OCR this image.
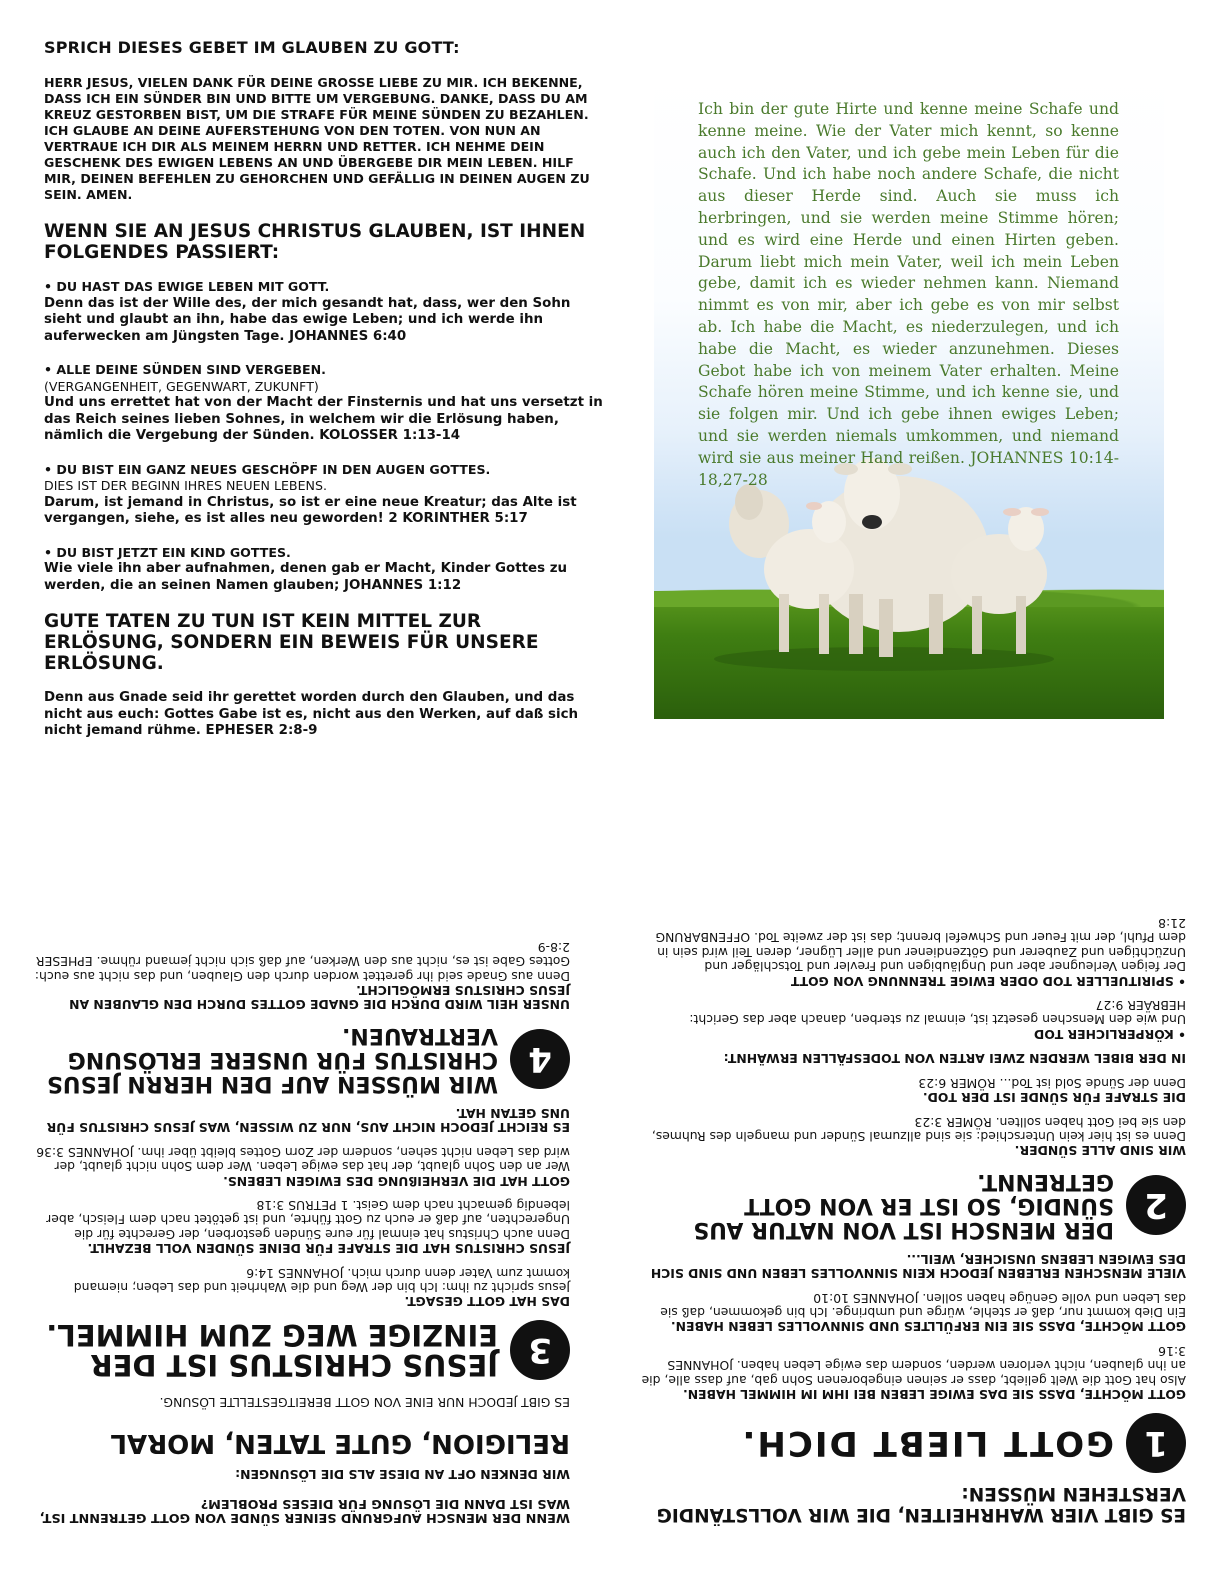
SPRICH DIESES GEBET IM GLAUBEN ZU GOTT:
HERR JESUS, VIELEN DANK FÜR DEINE GROSSE LIEBE ZU MIR. ICH BEKENNE, DASS ICH EIN SÜNDER BIN UND BITTE UM VERGEBUNG. DANKE, DASS DU AM KREUZ GESTORBEN BIST, UM DIE STRAFE FÜR MEINE SÜNDEN ZU BEZAHLEN. ICH GLAUBE AN DEINE AUFERSTEHUNG VON DEN TOTEN. VON NUN AN VERTRAUE ICH DIR ALS MEINEM HERRN UND RETTER. ICH NEHME DEIN GESCHENK DES EWIGEN LEBENS AN UND ÜBERGEBE DIR MEIN LEBEN. HILF MIR, DEINEN BEFEHLEN ZU GEHORCHEN UND GEFÄLLIG IN DEINEN AUGEN ZU SEIN. AMEN.
WENN SIE AN JESUS CHRISTUS GLAUBEN, IST IHNEN FOLGENDES PASSIERT:
• DU HAST DAS EWIGE LEBEN MIT GOTT.
Denn das ist der Wille des, der mich gesandt hat, dass, wer den Sohn sieht und glaubt an ihn, habe das ewige Leben; und ich werde ihn auferwecken am Jüngsten Tage. JOHANNES 6:40
• ALLE DEINE SÜNDEN SIND VERGEBEN.
(VERGANGENHEIT, GEGENWART, ZUKUNFT)
Und uns errettet hat von der Macht der Finsternis und hat uns versetzt in das Reich seines lieben Sohnes, in welchem wir die Erlösung haben, nämlich die Vergebung der Sünden. KOLOSSER 1:13-14
• DU BIST EIN GANZ NEUES GESCHÖPF IN DEN AUGEN GOTTES.
DIES IST DER BEGINN IHRES NEUEN LEBENS.
Darum, ist jemand in Christus, so ist er eine neue Kreatur; das Alte ist vergangen, siehe, es ist alles neu geworden! 2 KORINTHER 5:17
• DU BIST JETZT EIN KIND GOTTES.
Wie viele ihn aber aufnahmen, denen gab er Macht, Kinder Gottes zu werden, die an seinen Namen glauben; JOHANNES 1:12
GUTE TATEN ZU TUN IST KEIN MITTEL ZUR ERLÖSUNG, SONDERN EIN BEWEIS FÜR UNSERE ERLÖSUNG.
Denn aus Gnade seid ihr gerettet worden durch den Glauben, und das nicht aus euch: Gottes Gabe ist es, nicht aus den Werken, auf daß sich nicht jemand rühme. EPHESER 2:8-9
Ich bin der gute Hirte und kenne meine Schafe und kenne meine. Wie der Vater mich kennt, so kenne auch ich den Vater, und ich gebe mein Leben für die Schafe. Und ich habe noch andere Schafe, die nicht aus dieser Herde sind. Auch sie muss ich herbringen, und sie werden meine Stimme hören; und es wird eine Herde und einen Hirten geben. Darum liebt mich mein Vater, weil ich mein Leben gebe, damit ich es wieder nehmen kann. Niemand nimmt es von mir, aber ich gebe es von mir selbst ab. Ich habe die Macht, es niederzulegen, und ich habe die Macht, es wieder anzunehmen. Dieses Gebot habe ich von meinem Vater erhalten. Meine Schafe hören meine Stimme, und ich kenne sie, und sie folgen mir. Und ich gebe ihnen ewiges Leben; und sie werden niemals umkommen, und niemand wird sie aus meiner Hand reißen. JOHANNES 10:14-18,27-28
WENN DER MENSCH AUFGRUND SEINER SÜNDE VON GOTT GETRENNT IST, WAS IST DANN DIE LÖSUNG FÜR DIESES PROBLEM?
WIR DENKEN OFT AN DIESE ALS DIE LÖSUNGEN:
RELIGION, GUTE TATEN, MORAL
ES GIBT JEDOCH NUR EINE VON GOTT BEREITGESTELLTE LÖSUNG.
3
JESUS CHRISTUS IST DER EINZIGE WEG ZUM HIMMEL.
DAS HAT GOTT GESAGT.
Jesus spricht zu ihm: Ich bin der Weg und die Wahrheit und das Leben; niemand kommt zum Vater denn durch mich. JOHANNES 14:6
JESUS CHRISTUS HAT DIE STRAFE FÜR DEINE SÜNDEN VOLL BEZAHLT.
Denn auch Christus hat einmal für eure Sünden gestorben, der Gerechte für die Ungerechten, auf daß er euch zu Gott führte, und ist getötet nach dem Fleisch, aber lebendig gemacht nach dem Geist. 1 PETRUS 3:18
GOTT HAT DIE VERHEIßUNG DES EWIGEN LEBENS.
Wer an den Sohn glaubt, der hat das ewige Leben. Wer dem Sohn nicht glaubt, der wird das Leben nicht sehen, sondern der Zorn Gottes bleibt über ihm. JOHANNES 3:36
ES REICHT JEDOCH NICHT AUS, NUR ZU WISSEN, WAS JESUS CHRISTUS FÜR UNS GETAN HAT.
4
WIR MÜSSEN AUF DEN HERRN JESUS CHRISTUS FÜR UNSERE ERLÖSUNG VERTRAUEN.
UNSER HEIL WIRD DURCH DIE GNADE GOTTES DURCH DEN GLAUBEN AN JESUS CHRISTUS ERMÖGLICHT.
Denn aus Gnade seid ihr gerettet worden durch den Glauben, und das nicht aus euch: Gottes Gabe ist es, nicht aus den Werken, auf daß sich nicht jemand rühme. EPHESER 2:8-9
ES GIBT VIER WAHRHEITEN, DIE WIR VOLLSTÄNDIG VERSTEHEN MÜSSEN:
1
GOTT LIEBT DICH.
GOTT MÖCHTE, DASS SIE DAS EWIGE LEBEN BEI IHM IM HIMMEL HABEN.
Also hat Gott die Welt geliebt, dass er seinen eingeborenen Sohn gab, auf dass alle, die an ihn glauben, nicht verloren werden, sondern das ewige Leben haben. JOHANNES 3:16
GOTT MÖCHTE, DASS SIE EIN ERFÜLLTES UND SINNVOLLES LEBEN HABEN.
Ein Dieb kommt nur, daß er stehle, würge und umbringe. Ich bin gekommen, daß sie das Leben und volle Genüge haben sollen. JOHANNES 10:10
VIELE MENSCHEN ERLEBEN JEDOCH KEIN SINNVOLLES LEBEN UND SIND SICH DES EWIGEN LEBENS UNSICHER, WEIL...
2
DER MENSCH IST VON NATUR AUS SÜNDIG, SO IST ER VON GOTT GETRENNT.
WIR SIND ALLE SÜNDER.
Denn es ist hier kein Unterschied: sie sind allzumal Sünder und mangeln des Ruhmes, den sie bei Gott haben sollten. RÖMER 3:23
DIE STRAFE FÜR SÜNDE IST DER TOD.
Denn der Sünde Sold ist Tod... RÖMER 6:23
IN DER BIBEL WERDEN ZWEI ARTEN VON TODESFÄLLEN ERWÄHNT:
• KÖRPERLICHER TOD
Und wie den Menschen gesetzt ist, einmal zu sterben, danach aber das Gericht: HEBRÄER 9:27
• SPIRITUELLER TOD ODER EWIGE TRENNUNG VON GOTT
Der feigen Verleugner aber und Ungläubigen und Frevler und Totschläger und Unzüchtigen und Zauberer und Götzendiener und aller Lügner, deren Teil wird sein in dem Pfuhl, der mit Feuer und Schwefel brennt; das ist der zweite Tod. OFFENBARUNG 21:8
